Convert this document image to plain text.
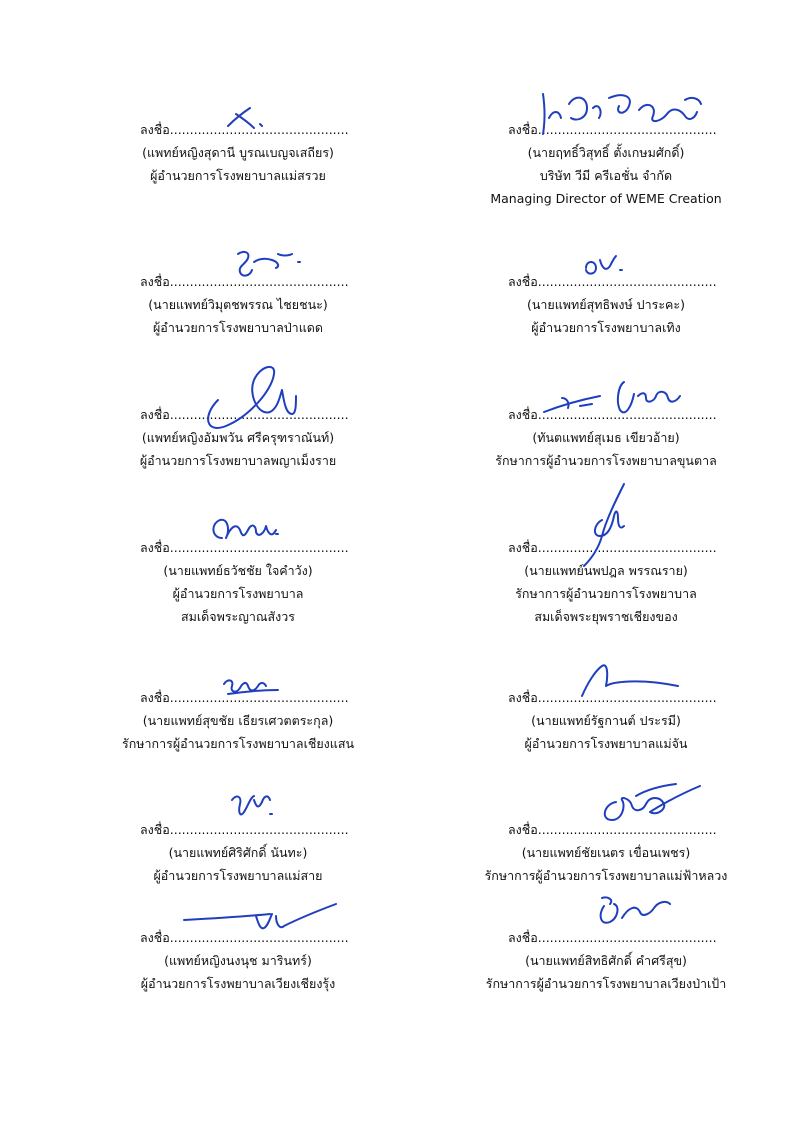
ลงชื่อ.............................................
(แพทย์หญิงสุดานี บูรณเบญจเสถียร)
ผู้อำนวยการโรงพยาบาลแม่สรวย
ลงชื่อ.............................................
(นายฤทธิ์วิสุทธิ์ ตั้งเกษมศักดิ์)
บริษัท วีมี ครีเอชั่น จำกัด
Managing Director of WEME Creation
ลงชื่อ.............................................
(นายแพทย์วิมุตชพรรณ ไชยชนะ)
ผู้อำนวยการโรงพยาบาลป่าแดด
ลงชื่อ.............................................
(นายแพทย์สุทธิพงษ์ ปาระคะ)
ผู้อำนวยการโรงพยาบาลเทิง
ลงชื่อ.............................................
(แพทย์หญิงอัมพวัน ศรีครุฑราณันท์)
ผู้อำนวยการโรงพยาบาลพญาเม็งราย
ลงชื่อ.............................................
(ทันตแพทย์สุเมธ เขียวอ้าย)
รักษาการผู้อำนวยการโรงพยาบาลขุนตาล
ลงชื่อ.............................................
(นายแพทย์ธวัชชัย ใจคำวัง)
ผู้อำนวยการโรงพยาบาล
สมเด็จพระญาณสังวร
ลงชื่อ.............................................
(นายแพทย์นพปฎล พรรณราย)
รักษาการผู้อำนวยการโรงพยาบาล
สมเด็จพระยุพราชเชียงของ
ลงชื่อ.............................................
(นายแพทย์สุขชัย เธียรเศวตตระกุล)
รักษาการผู้อำนวยการโรงพยาบาลเชียงแสน
ลงชื่อ.............................................
(นายแพทย์รัฐกานต์ ประรมี)
ผู้อำนวยการโรงพยาบาลแม่จัน
ลงชื่อ.............................................
(นายแพทย์ศิริศักดิ์ นันทะ)
ผู้อำนวยการโรงพยาบาลแม่สาย
ลงชื่อ.............................................
(นายแพทย์ชัยเนตร เขื่อนเพชร)
รักษาการผู้อำนวยการโรงพยาบาลแม่ฟ้าหลวง
ลงชื่อ.............................................
(แพทย์หญิงนงนุช มารินทร์)
ผู้อำนวยการโรงพยาบาลเวียงเชียงรุ้ง
ลงชื่อ.............................................
(นายแพทย์สิทธิศักดิ์ คำศรีสุข)
รักษาการผู้อำนวยการโรงพยาบาลเวียงป่าเป้า
